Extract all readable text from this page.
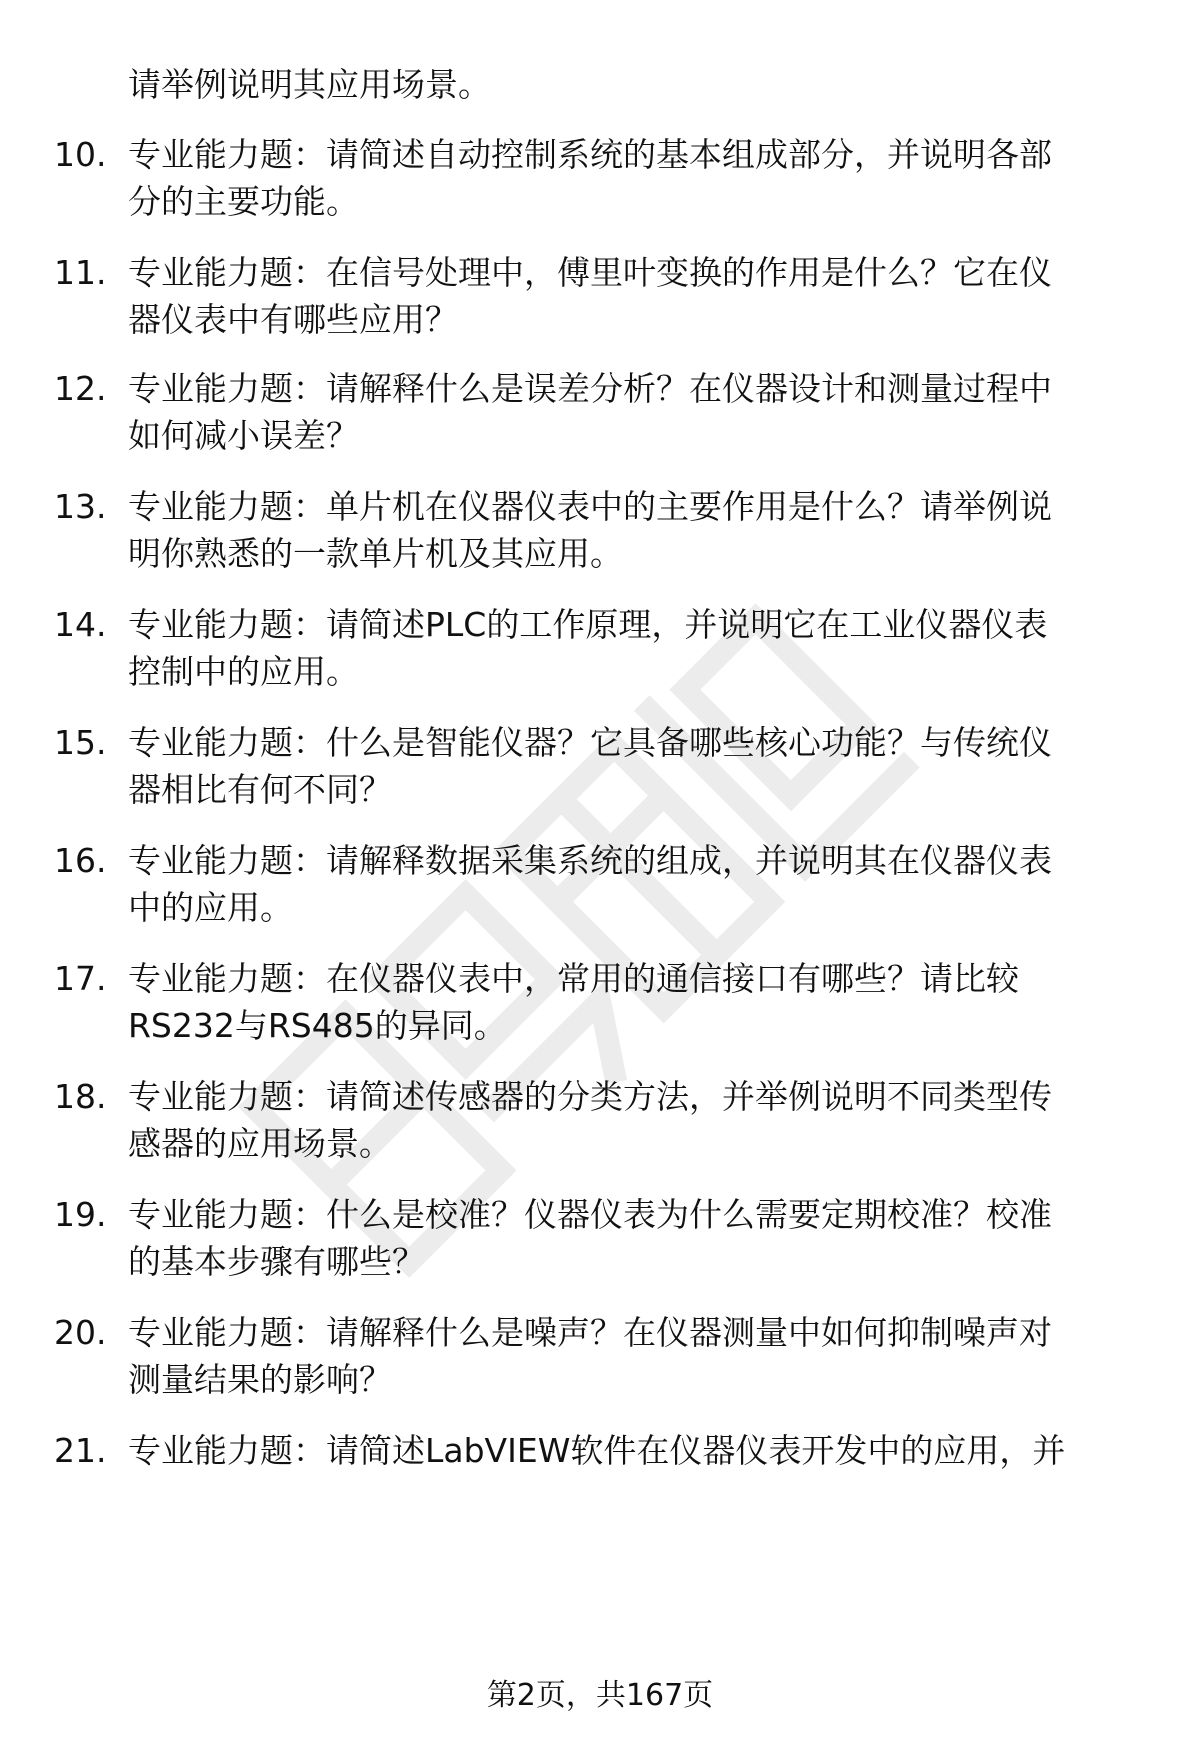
请举例说明其应用场景。
10. 专业能力题：请简述自动控制系统的基本组成部分，并说明各部
分的主要功能。
11. 专业能力题：在信号处理中，傅里叶变换的作用是什么？它在仪
器仪表中有哪些应用？
12. 专业能力题：请解释什么是误差分析？在仪器设计和测量过程中
如何减小误差？
13. 专业能力题：单片机在仪器仪表中的主要作用是什么？请举例说
明你熟悉的一款单片机及其应用。
14. 专业能力题：请简述PLC的工作原理，并说明它在工业仪器仪表
控制中的应用。
15. 专业能力题：什么是智能仪器？它具备哪些核心功能？与传统仪
器相比有何不同？
16. 专业能力题：请解释数据采集系统的组成，并说明其在仪器仪表
中的应用。
17. 专业能力题：在仪器仪表中，常用的通信接口有哪些？请比较
RS232与RS485的异同。
18. 专业能力题：请简述传感器的分类方法，并举例说明不同类型传
感器的应用场景。
19. 专业能力题：什么是校准？仪器仪表为什么需要定期校准？校准
的基本步骤有哪些？
20. 专业能力题：请解释什么是噪声？在仪器测量中如何抑制噪声对
测量结果的影响？
21. 专业能力题：请简述LabVIEW软件在仪器仪表开发中的应用，并
第2页，共167页
